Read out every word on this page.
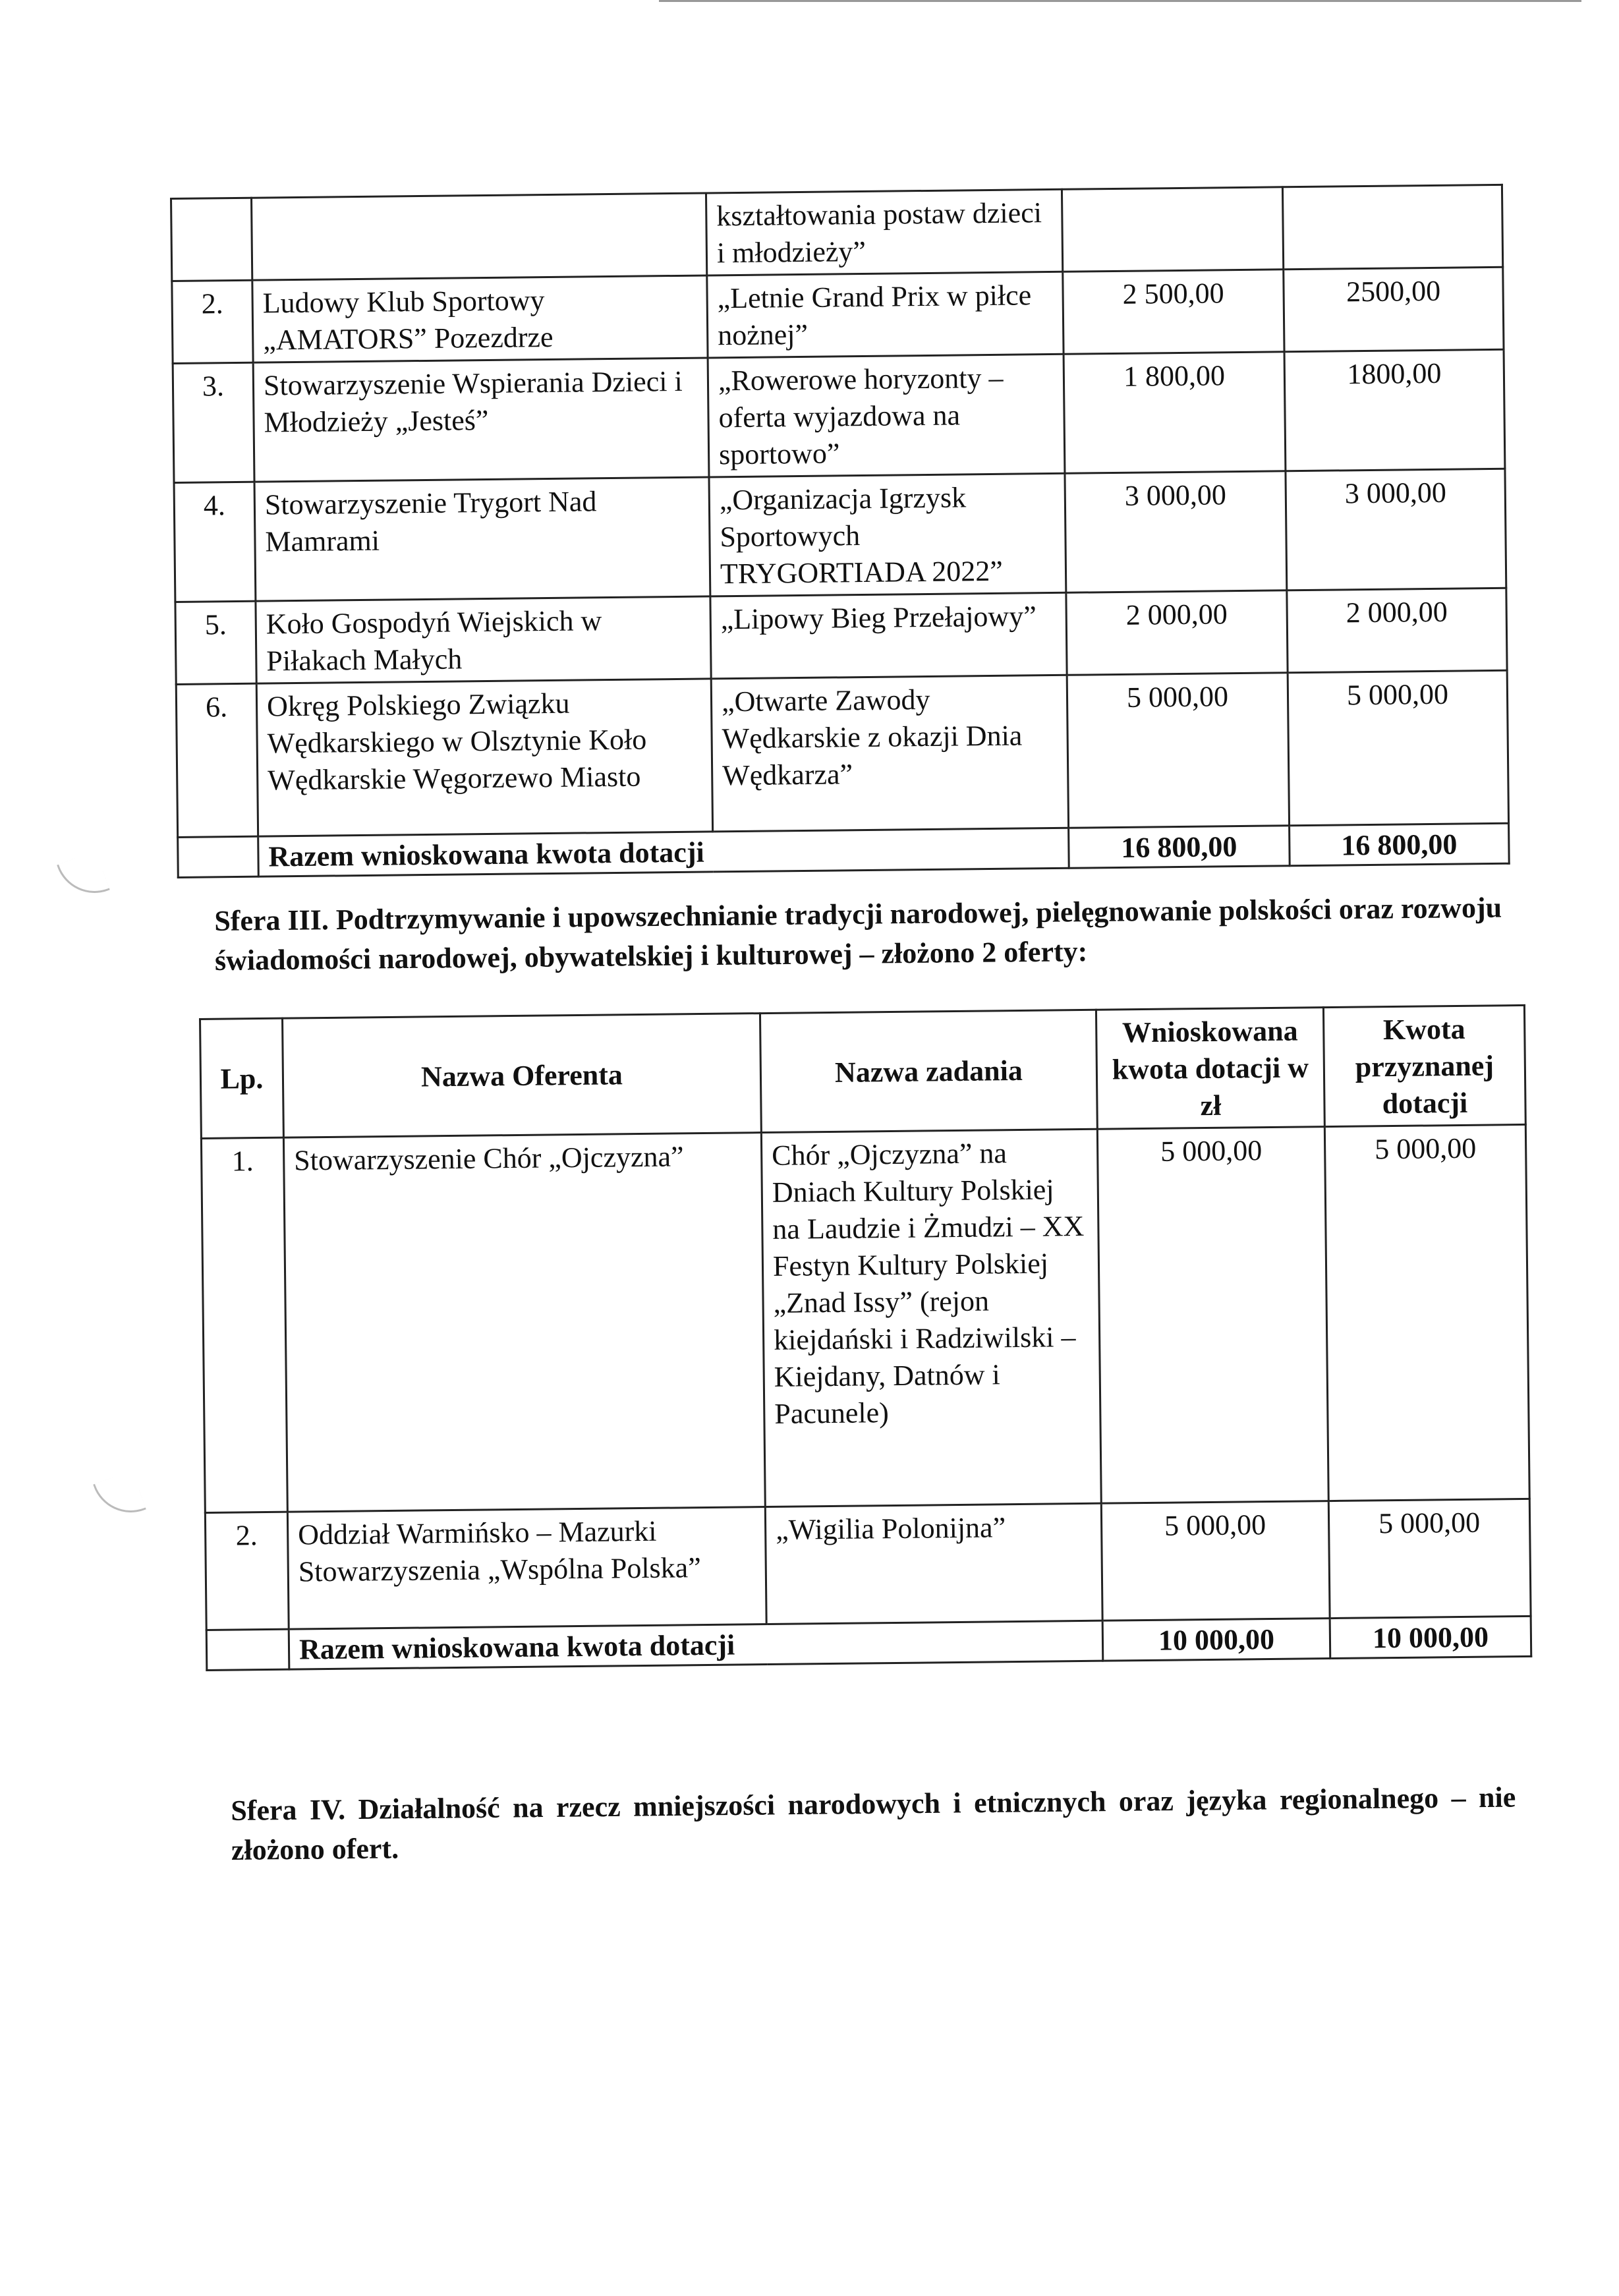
		kształtowania postaw dzieci i młodzieży”		
2.	Ludowy Klub Sportowy „AMATORS” Pozezdrze	„Letnie Grand Prix w piłce nożnej”	2 500,00	2500,00
3.	Stowarzyszenie Wspierania Dzieci i Młodzieży „Jesteś”	„Rowerowe horyzonty – oferta wyjazdowa na sportowo”	1 800,00	1800,00
4.	Stowarzyszenie Trygort Nad Mamrami	„Organizacja Igrzysk Sportowych TRYGORTIADA 2022”	3 000,00	3 000,00
5.	Koło Gospodyń Wiejskich w Piłakach Małych	„Lipowy Bieg Przełajowy”	2 000,00	2 000,00
6.	Okręg Polskiego Związku Wędkarskiego w Olsztynie Koło Wędkarskie Węgorzewo Miasto	„Otwarte Zawody Wędkarskie z okazji Dnia Wędkarza”	5 000,00	5 000,00
	Razem wnioskowana kwota dotacji		16 800,00	16 800,00
Sfera III. Podtrzymywanie i upowszechnianie tradycji narodowej, pielęgnowanie polskości oraz rozwoju świadomości narodowej, obywatelskiej i kulturowej – złożono 2 oferty:
Lp.	Nazwa Oferenta	Nazwa zadania	Wnioskowana kwota dotacji w zł	Kwota przyznanej dotacji
1.	Stowarzyszenie Chór „Ojczyzna”	Chór „Ojczyzna” na Dniach Kultury Polskiej na Laudzie i Żmudzi – XX Festyn Kultury Polskiej „Znad Issy” (rejon kiejdański i Radziwilski – Kiejdany, Datnów i Pacunele)	5 000,00	5 000,00
2.	Oddział Warmińsko – Mazurki Stowarzyszenia „Wspólna Polska”	„Wigilia Polonijna”	5 000,00	5 000,00
	Razem wnioskowana kwota dotacji		10 000,00	10 000,00
Sfera IV. Działalność na rzecz mniejszości narodowych i etnicznych oraz języka regionalnego – nie złożono ofert.
